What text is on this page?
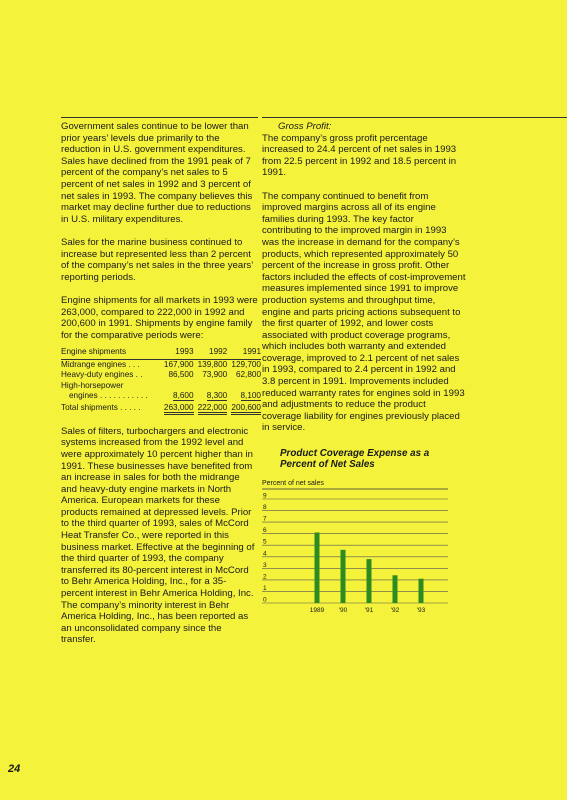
Government sales continue to be lower than prior years’ levels due primarily to the reduction in U.S. government expenditures. Sales have declined from the 1991 peak of 7 percent of the company’s net sales to 5 percent of net sales in 1992 and 3 percent of net sales in 1993. The company believes this market may decline further due to reductions in U.S. military expenditures.

Sales for the marine business continued to increase but represented less than 2 percent of the company’s net sales in the three years’ reporting periods.

Engine shipments for all markets in 1993 were 263,000, compared to 222,000 in 1992 and 200,600 in 1991. Shipments by engine family for the comparative periods were:

Engine shipments	1993	1992	1991
Midrange engines . . .	167,900	139,800	129,700
Heavy-duty engines . .	86,500	73,900	62,800
High-horsepower			
engines . . . . . . . . . . .	8,600	8,300	8,100
Total shipments . . . . .	263,000	222,000	200,600

Sales of filters, turbochargers and electronic systems increased from the 1992 level and were approximately 10 percent higher than in 1991. These businesses have benefited from an increase in sales for both the midrange and heavy-duty engine markets in North America. European markets for these products remained at depressed levels. Prior to the third quarter of 1993, sales of McCord Heat Transfer Co., were reported in this business market. Effective at the beginning of the third quarter of 1993, the company transferred its 80-percent interest in McCord to Behr America Holding, Inc., for a 35-percent interest in Behr America Holding, Inc. The company’s minority interest in Behr America Holding, Inc., has been reported as an unconsolidated company since the transfer.

Gross Profit:

The company’s gross profit percentage increased to 24.4 percent of net sales in 1993 from 22.5 percent in 1992 and 18.5 percent in 1991.

The company continued to benefit from improved margins across all of its engine families during 1993. The key factor contributing to the improved margin in 1993 was the increase in demand for the company’s products, which represented approximately 50 percent of the increase in gross profit. Other factors included the effects of cost-improvement measures implemented since 1991 to improve production systems and throughput time, engine and parts pricing actions subsequent to the first quarter of 1992, and lower costs associated with product coverage programs, which includes both warranty and extended coverage, improved to 2.1 percent of net sales in 1993, compared to 2.4 percent in 1992 and 3.8 percent in 1991. Improvements included reduced warranty rates for engines sold in 1993 and adjustments to reduce the product coverage liability for engines previously placed in service.

Product Coverage Expense as a Percent of Net Sales
Percent of net sales
0
1
2
3
4
5
6
7
8
9
1989 '90	'91	'92	'93
24
